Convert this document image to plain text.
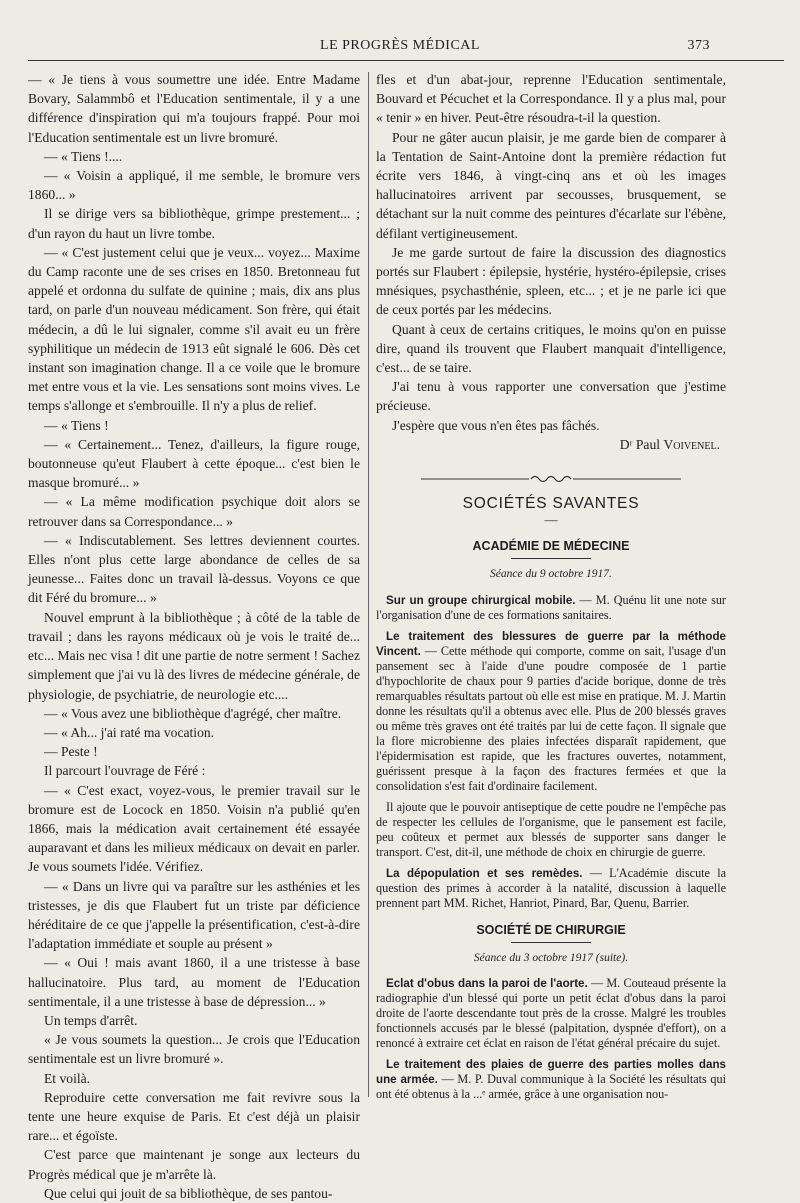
LE PROGRÈS MÉDICAL	373

— « Je tiens à vous soumettre une idée. Entre Madame Bovary, Salammbô et l'Education sentimentale, il y a une différence d'inspiration qui m'a toujours frappé. Pour moi l'Education sentimentale est un livre bromuré.

— « Tiens !....

— « Voisin a appliqué, il me semble, le bromure vers 1860... »

Il se dirige vers sa bibliothèque, grimpe prestement... ; d'un rayon du haut un livre tombe.

— « C'est justement celui que je veux... voyez... Maxime du Camp raconte une de ses crises en 1850. Bretonneau fut appelé et ordonna du sulfate de quinine ; mais, dix ans plus tard, on parle d'un nouveau médicament. Son frère, qui était médecin, a dû le lui signaler, comme s'il avait eu un frère syphilitique un médecin de 1913 eût signalé le 606. Dès cet instant son imagination change. Il a ce voile que le bromure met entre vous et la vie. Les sensations sont moins vives. Le temps s'allonge et s'embrouille. Il n'y a plus de relief.

— « Tiens !

— « Certainement... Tenez, d'ailleurs, la figure rouge, boutonneuse qu'eut Flaubert à cette époque... c'est bien le masque bromuré... »

— « La même modification psychique doit alors se retrouver dans sa Correspondance... »

— « Indiscutablement. Ses lettres deviennent courtes. Elles n'ont plus cette large abondance de celles de sa jeunesse... Faites donc un travail là-dessus. Voyons ce que dit Féré du bromure... »

Nouvel emprunt à la bibliothèque ; à côté de la table de travail ; dans les rayons médicaux où je vois le traité de... etc... Mais nec visa ! dit une partie de notre serment ! Sachez simplement que j'ai vu là des livres de médecine générale, de physiologie, de psychiatrie, de neurologie etc....

— « Vous avez une bibliothèque d'agrégé, cher maître.

— « Ah... j'ai raté ma vocation.

— Peste !

Il parcourt l'ouvrage de Féré :

— « C'est exact, voyez-vous, le premier travail sur le bromure est de Locock en 1850. Voisin n'a publié qu'en 1866, mais la médication avait certainement été essayée auparavant et dans les milieux médicaux on devait en parler. Je vous soumets l'idée. Vérifiez.

— « Dans un livre qui va paraître sur les asthénies et les tristesses, je dis que Flaubert fut un triste par déficience héréditaire de ce que j'appelle la présentification, c'est-à-dire l'adaptation immédiate et souple au présent »

— « Oui ! mais avant 1860, il a une tristesse à base hallucinatoire. Plus tard, au moment de l'Education sentimentale, il a une tristesse à base de dépression... »

Un temps d'arrêt.

« Je vous soumets la question... Je crois que l'Education sentimentale est un livre bromuré ».

Et voilà.

Reproduire cette conversation me fait revivre sous la tente une heure exquise de Paris. Et c'est déjà un plaisir rare... et égoïste.

C'est parce que maintenant je songe aux lecteurs du Progrès médical que je m'arrête là.

Que celui qui jouit de sa bibliothèque, de ses pantou-

fles et d'un abat-jour, reprenne l'Education sentimentale, Bouvard et Pécuchet et la Correspondance. Il y a plus mal, pour « tenir » en hiver. Peut-être résoudra-t-il la question.

Pour ne gâter aucun plaisir, je me garde bien de comparer à la Tentation de Saint-Antoine dont la première rédaction fut écrite vers 1846, à vingt-cinq ans et où les images hallucinatoires arrivent par secousses, brusquement, se détachant sur la nuit comme des peintures d'écarlate sur l'ébène, défilant vertigineusement.

Je me garde surtout de faire la discussion des diagnostics portés sur Flaubert : épilepsie, hystérie, hystéro-épilepsie, crises mnésiques, psychasthénie, spleen, etc... ; et je ne parle ici que de ceux portés par les médecins.

Quant à ceux de certains critiques, le moins qu'on en puisse dire, quand ils trouvent que Flaubert manquait d'intelligence, c'est... de se taire.

J'ai tenu à vous rapporter une conversation que j'estime précieuse.

J'espère que vous n'en êtes pas fâchés.

Dʳ Paul Voivenel.

SOCIÉTÉS SAVANTES
—
ACADÉMIE DE MÉDECINE
Séance du 9 octobre 1917.

Sur un groupe chirurgical mobile. — M. Quénu lit une note sur l'organisation d'une de ces formations sanitaires.

Le traitement des blessures de guerre par la méthode Vincent. — Cette méthode qui comporte, comme on sait, l'usage d'un pansement sec à l'aide d'une poudre composée de 1 partie d'hypochlorite de chaux pour 9 parties d'acide borique, donne de très remarquables résultats partout où elle est mise en pratique. M. J. Martin donne les résultats qu'il a obtenus avec elle. Plus de 200 blessés graves ou même très graves ont été traités par lui de cette façon. Il signale que la flore microbienne des plaies infectées disparaît rapidement, que l'épidermisation est rapide, que les fractures ouvertes, notamment, guérissent presque à la façon des fractures fermées et que la consolidation s'est fait d'ordinaire facilement.

Il ajoute que le pouvoir antiseptique de cette poudre ne l'empêche pas de respecter les cellules de l'organisme, que le pansement est facile, peu coûteux et permet aux blessés de supporter sans danger le transport. C'est, dit-il, une méthode de choix en chirurgie de guerre.

La dépopulation et ses remèdes. — L'Académie discute la question des primes à accorder à la natalité, discussion à laquelle prennent part MM. Richet, Hanriot, Pinard, Bar, Quenu, Barrier.

SOCIÉTÉ DE CHIRURGIE
Séance du 3 octobre 1917 (suite).

Eclat d'obus dans la paroi de l'aorte. — M. Couteaud présente la radiographie d'un blessé qui porte un petit éclat d'obus dans la paroi droite de l'aorte descendante tout près de la crosse. Malgré les troubles fonctionnels accusés par le blessé (palpitation, dyspnée d'effort), on a renoncé à extraire cet éclat en raison de l'état général précaire du sujet.

Le traitement des plaies de guerre des parties molles dans une armée. — M. P. Duval communique à la Société les résultats qui ont été obtenus à la ...ᵉ armée, grâce à une organisation nou-
